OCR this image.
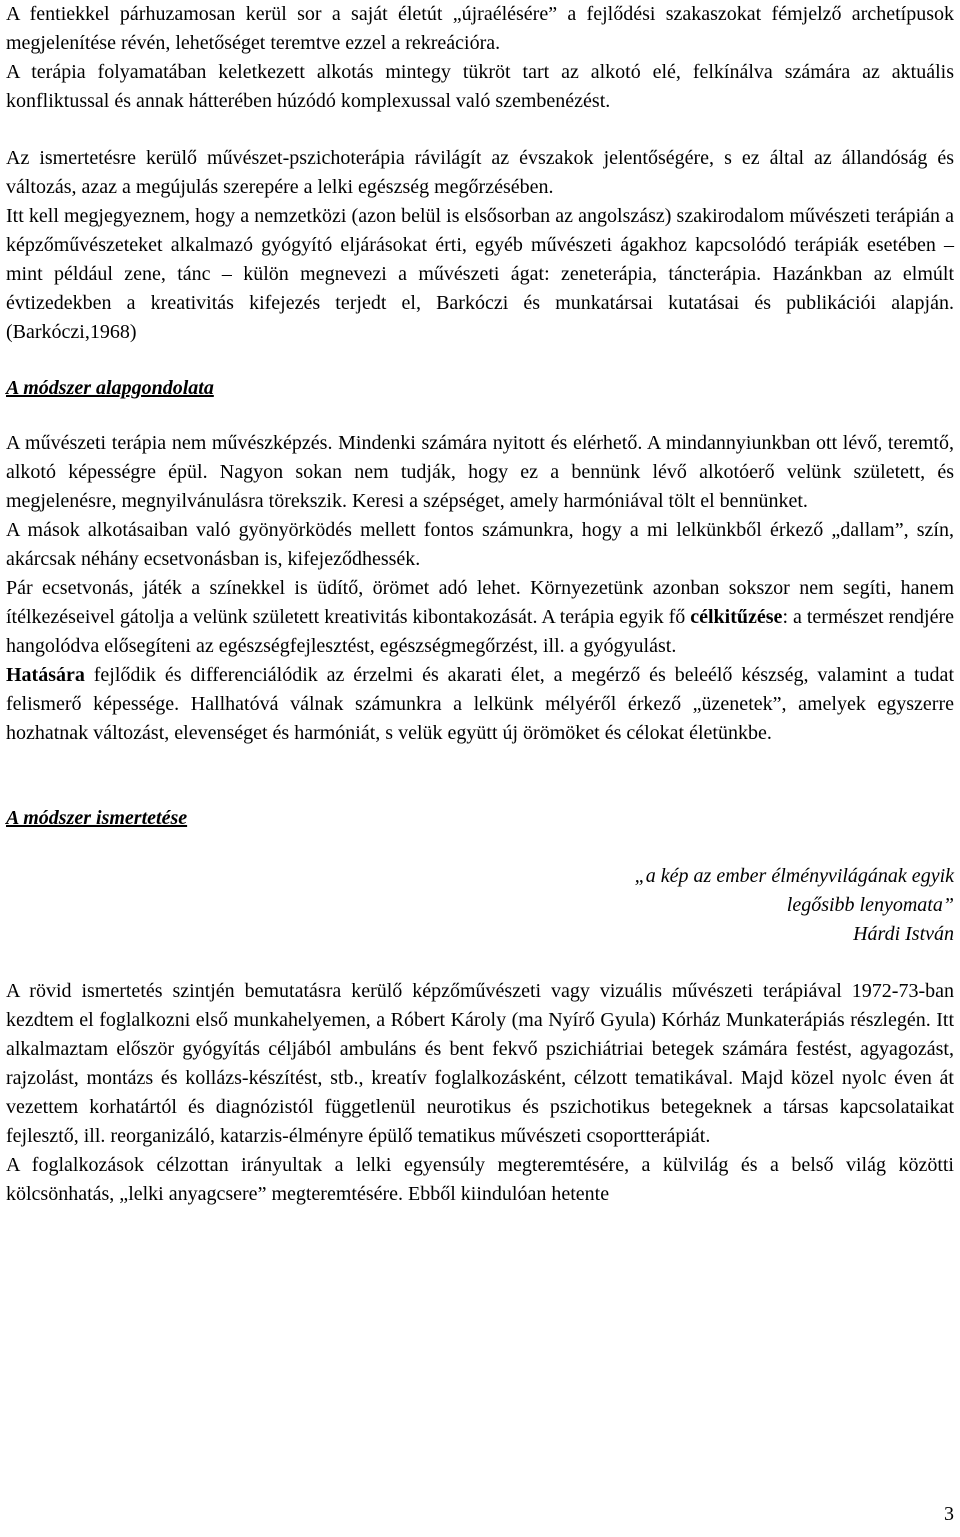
A fentiekkel párhuzamosan kerül sor a saját életút „újraélésére” a fejlődési szakaszokat fémjelző archetípusok megjelenítése révén, lehetőséget teremtve ezzel a rekreációra.

A terápia folyamatában keletkezett alkotás mintegy tükröt tart az alkotó elé, felkínálva számára az aktuális konfliktussal és annak hátterében húzódó komplexussal való szembenézést.

Az ismertetésre kerülő művészet-pszichoterápia rávilágít az évszakok jelentőségére, s ez által az állandóság és változás, azaz a megújulás szerepére a lelki egészség megőrzésében.

Itt kell megjegyeznem, hogy a nemzetközi (azon belül is elsősorban az angolszász) szakirodalom művészeti terápián a képzőművészeteket alkalmazó gyógyító eljárásokat érti, egyéb művészeti ágakhoz kapcsolódó terápiák esetében – mint például zene, tánc – külön megnevezi a művészeti ágat: zeneterápia, táncterápia. Hazánkban az elmúlt évtizedekben a kreativitás kifejezés terjedt el, Barkóczi és munkatársai kutatásai és publikációi alapján. (Barkóczi,1968)

A módszer alapgondolata

A művészeti terápia nem művészképzés. Mindenki számára nyitott és elérhető. A mindannyiunkban ott lévő, teremtő, alkotó képességre épül. Nagyon sokan nem tudják, hogy ez a bennünk lévő alkotóerő velünk született, és megjelenésre, megnyilvánulásra törekszik. Keresi a szépséget, amely harmóniával tölt el bennünket.

A mások alkotásaiban való gyönyörködés mellett fontos számunkra, hogy a mi lelkünkből érkező „dallam”, szín, akárcsak néhány ecsetvonásban is, kifejeződhessék.

Pár ecsetvonás, játék a színekkel is üdítő, örömet adó lehet. Környezetünk azonban sokszor nem segíti, hanem ítélkezéseivel gátolja a velünk született kreativitás kibontakozását. A terápia egyik fő célkitűzése: a természet rendjére hangolódva elősegíteni az egészségfejlesztést, egészségmegőrzést, ill. a gyógyulást.

Hatására fejlődik és differenciálódik az érzelmi és akarati élet, a megérző és beleélő készség, valamint a tudat felismerő képessége. Hallhatóvá válnak számunkra a lelkünk mélyéről érkező „üzenetek”, amelyek egyszerre hozhatnak változást, elevenséget és harmóniát, s velük együtt új örömöket és célokat életünkbe.

A módszer ismertetése
„a kép az ember élményvilágának egyik
legősibb lenyomata”
Hárdi István

A rövid ismertetés szintjén bemutatásra kerülő képzőművészeti vagy vizuális művészeti terápiával 1972-73-ban kezdtem el foglalkozni első munkahelyemen, a Róbert Károly (ma Nyírő Gyula) Kórház Munkaterápiás részlegén. Itt alkalmaztam először gyógyítás céljából ambuláns és bent fekvő pszichiátriai betegek számára festést, agyagozást, rajzolást, montázs és kollázs-készítést, stb., kreatív foglalkozásként, célzott tematikával. Majd közel nyolc éven át vezettem korhatártól és diagnózistól függetlenül neurotikus és pszichotikus betegeknek a társas kapcsolataikat fejlesztő, ill. reorganizáló, katarzis-élményre épülő tematikus művészeti csoportterápiát.

A foglalkozások célzottan irányultak a lelki egyensúly megteremtésére, a külvilág és a belső világ közötti kölcsönhatás, „lelki anyagcsere” megteremtésére. Ebből kiindulóan hetente

3
